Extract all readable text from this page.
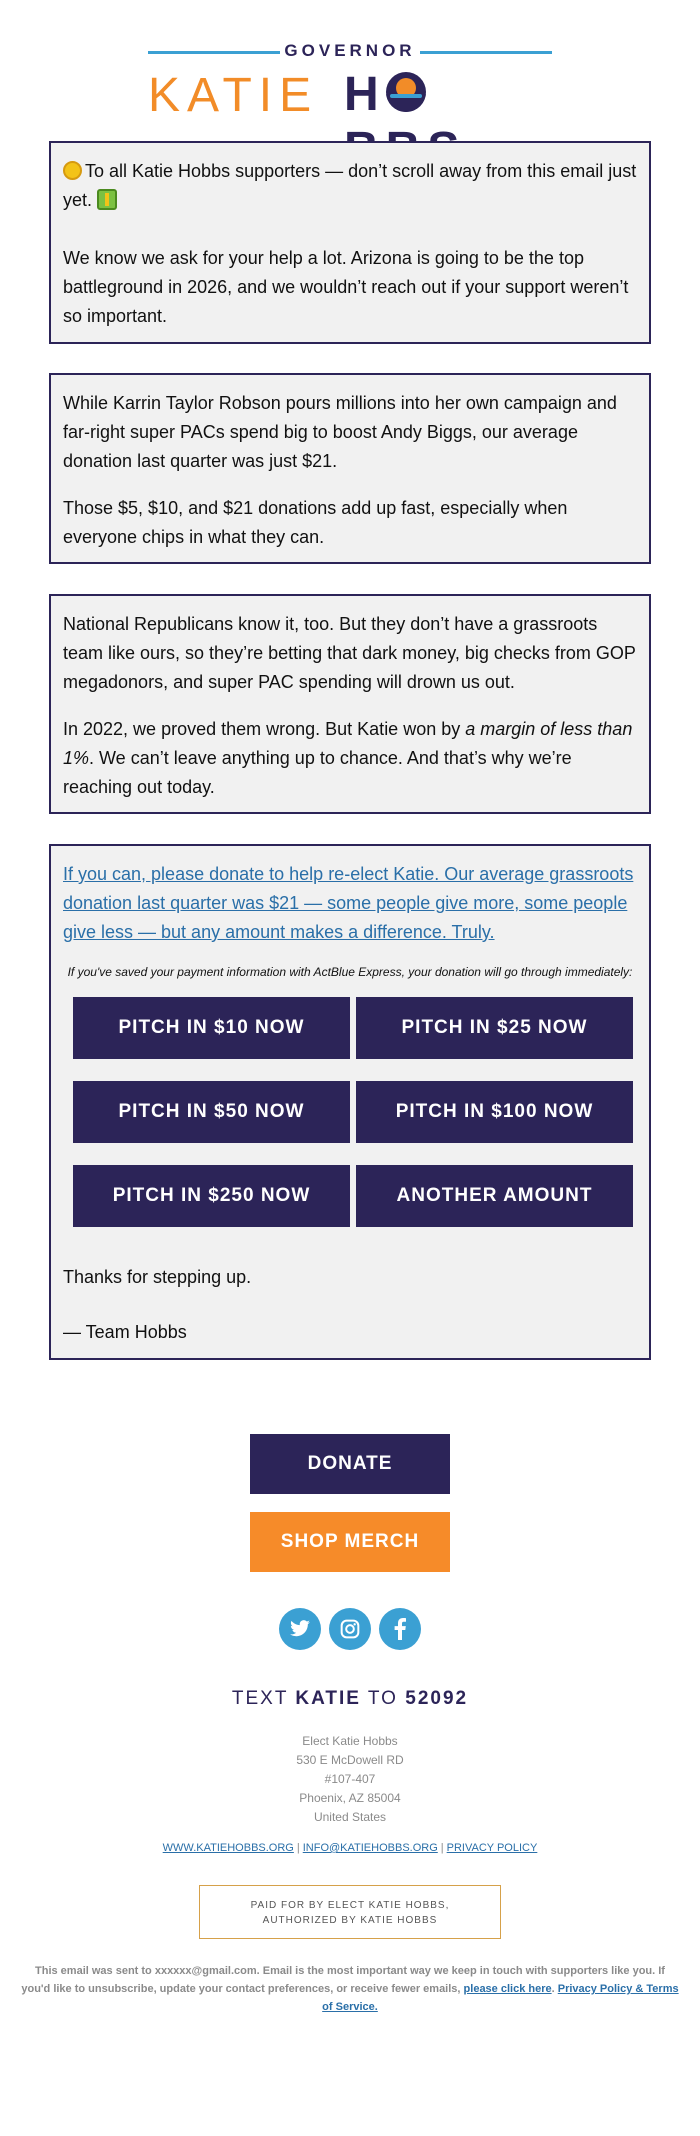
GOVERNOR
KATIE H

To all Katie Hobbs supporters — don’t scroll away from this email just yet.

We know we ask for your help a lot. Arizona is going to be the top battleground in 2026, and we wouldn’t reach out if your support weren’t so important.

While Karrin Taylor Robson pours millions into her own campaign and far-right super PACs spend big to boost Andy Biggs, our average donation last quarter was just $21.

Those $5, $10, and $21 donations add up fast, especially when everyone chips in what they can.

National Republicans know it, too. But they don’t have a grassroots team like ours, so they’re betting that dark money, big checks from GOP megadonors, and super PAC spending will drown us out.

In 2022, we proved them wrong. But Katie won by a margin of less than 1%. We can’t leave anything up to chance. And that’s why we’re reaching out today.

If you can, please donate to help re-elect Katie. Our average grassroots donation last quarter was $21 — some people give more, some people give less — but any amount makes a difference. Truly.
If you've saved your payment information with ActBlue Express, your donation will go through immediately:
PITCH IN $10 NOW	PITCH IN $25 NOW
PITCH IN $50 NOW	PITCH IN $100 NOW
PITCH IN $250 NOW	ANOTHER AMOUNT

Thanks for stepping up.

— Team Hobbs

DONATE
SHOP MERCH
TEXT KATIE TO 52092
Elect Katie Hobbs
530 E McDowell RD
#107-407
Phoenix, AZ 85004
United States
WWW.KATIEHOBBS.ORG | INFO@KATIEHOBBS.ORG | PRIVACY POLICY
PAID FOR BY ELECT KATIE HOBBS,
AUTHORIZED BY KATIE HOBBS
This email was sent to xxxxxx@gmail.com. Email is the most important way we keep in touch with supporters like you. If you'd like to unsubscribe, update your contact preferences, or receive fewer emails, please click here. Privacy Policy & Terms of Service.
